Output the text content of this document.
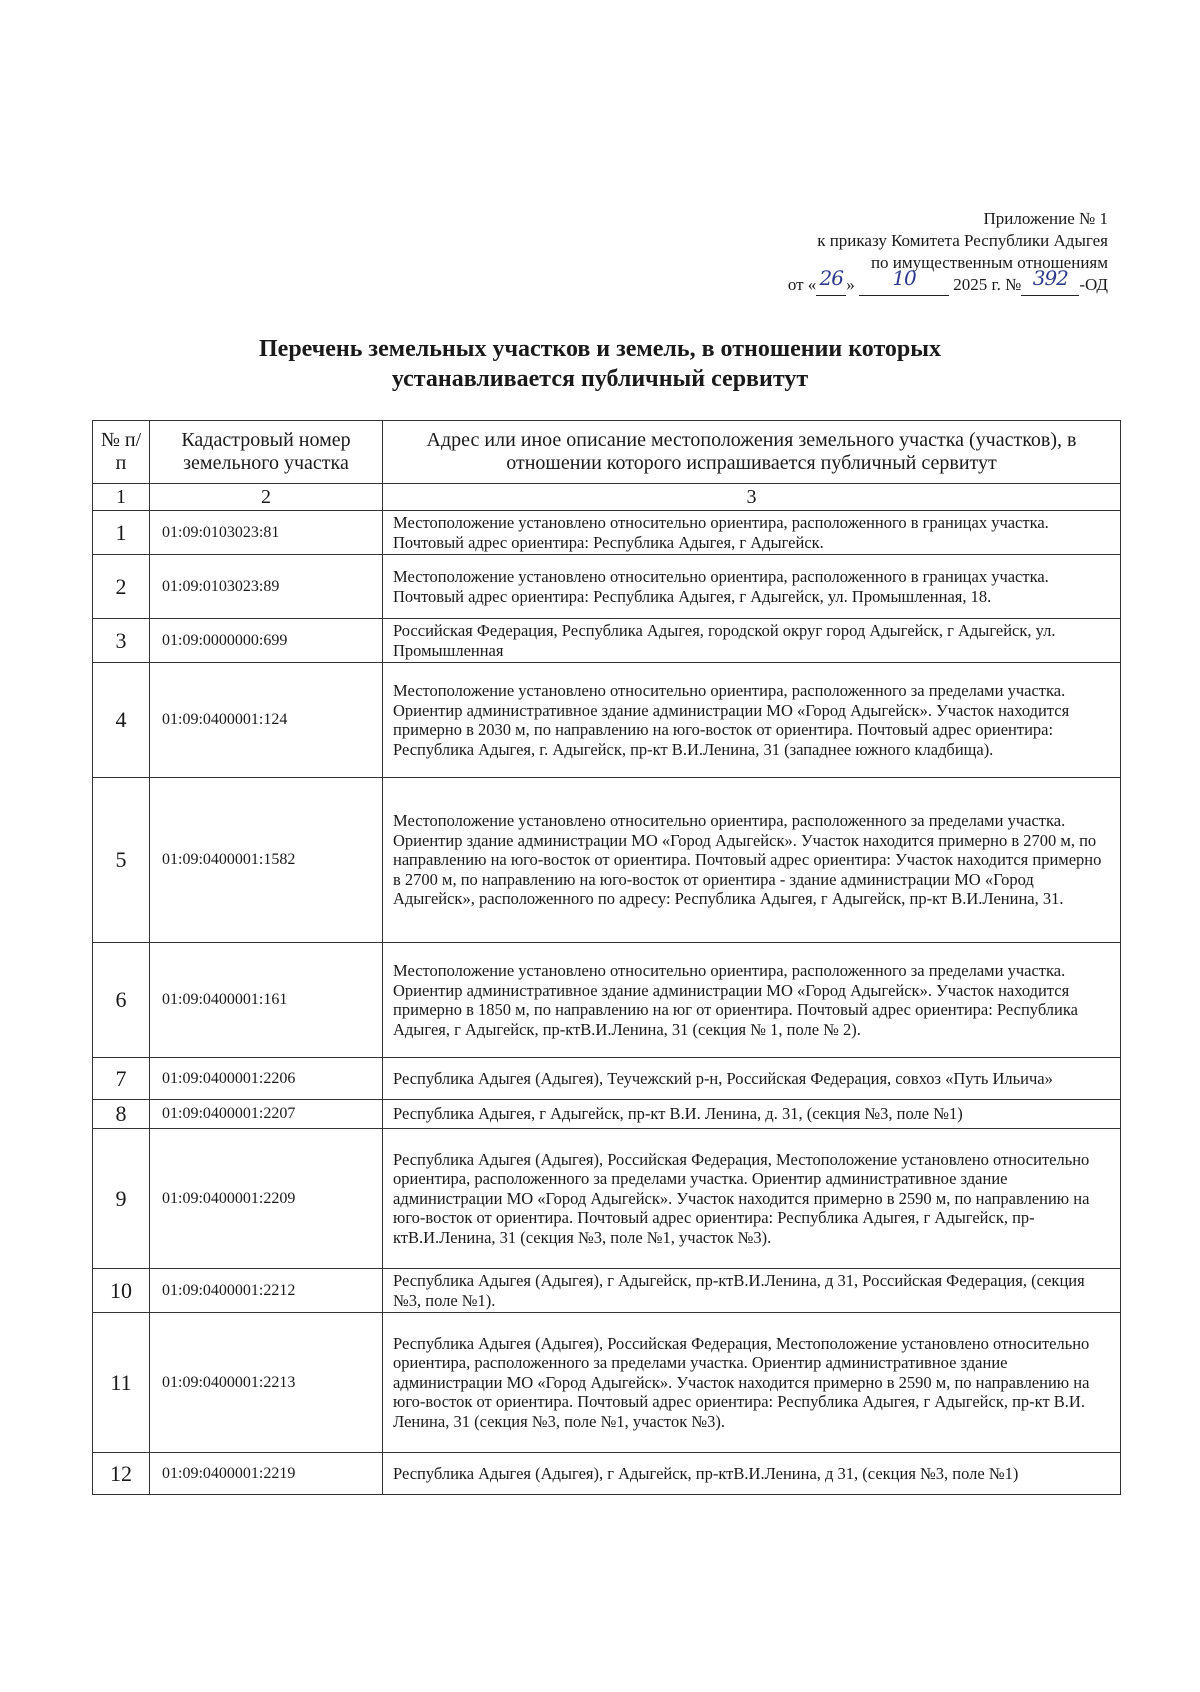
Приложение № 1
к приказу Комитета Республики Адыгея
по имущественным отношениям
от « 26 »	10	2025 г. № 392 -ОД
Перечень земельных участков и земель, в отношении которых
устанавливается публичный сервитут
№ п/п	Кадастровый номер земельного участка	Адрес или иное описание местоположения земельного участка (участков), в отношении которого испрашивается публичный сервитут
1	2	3
1	01:09:0103023:81	Местоположение установлено относительно ориентира, расположенного в границах участка. Почтовый адрес ориентира: Республика Адыгея, г Адыгейск.
2	01:09:0103023:89	Местоположение установлено относительно ориентира, расположенного в границах участка. Почтовый адрес ориентира: Республика Адыгея, г Адыгейск, ул. Промышленная, 18.
3	01:09:0000000:699	Российская Федерация, Республика Адыгея, городской округ город Адыгейск, г Адыгейск, ул. Промышленная
4	01:09:0400001:124	Местоположение установлено относительно ориентира, расположенного за пределами участка. Ориентир административное здание администрации МО «Город Адыгейск». Участок находится примерно в 2030 м, по направлению на юго-восток от ориентира. Почтовый адрес ориентира: Республика Адыгея, г. Адыгейск, пр-кт В.И.Ленина, 31 (западнее южного кладбища).
5	01:09:0400001:1582	Местоположение установлено относительно ориентира, расположенного за пределами участка. Ориентир здание администрации МО «Город Адыгейск». Участок находится примерно в 2700 м, по направлению на юго-восток от ориентира. Почтовый адрес ориентира: Участок находится примерно в 2700 м, по направлению на юго-восток от ориентира - здание администрации МО «Город Адыгейск», расположенного по адресу: Республика Адыгея, г Адыгейск, пр-кт В.И.Ленина, 31.
6	01:09:0400001:161	Местоположение установлено относительно ориентира, расположенного за пределами участка. Ориентир административное здание администрации МО «Город Адыгейск». Участок находится примерно в 1850 м, по направлению на юг от ориентира. Почтовый адрес ориентира: Республика Адыгея, г Адыгейск, пр-ктВ.И.Ленина, 31 (секция № 1, поле № 2).
7	01:09:0400001:2206	Республика Адыгея (Адыгея), Теучежский р-н, Российская Федерация, совхоз «Путь Ильича»
8	01:09:0400001:2207	Республика Адыгея, г Адыгейск, пр-кт В.И. Ленина, д. 31, (секция №3, поле №1)
9	01:09:0400001:2209	Республика Адыгея (Адыгея), Российская Федерация, Местоположение установлено относительно ориентира, расположенного за пределами участка. Ориентир административное здание администрации МО «Город Адыгейск». Участок находится примерно в 2590 м, по направлению на юго-восток от ориентира. Почтовый адрес ориентира: Республика Адыгея, г Адыгейск, пр-ктВ.И.Ленина, 31 (секция №3, поле №1, участок №3).
10	01:09:0400001:2212	Республика Адыгея (Адыгея), г Адыгейск, пр-ктВ.И.Ленина, д 31, Российская Федерация, (секция №3, поле №1).
11	01:09:0400001:2213	Республика Адыгея (Адыгея), Российская Федерация, Местоположение установлено относительно ориентира, расположенного за пределами участка. Ориентир административное здание администрации МО «Город Адыгейск». Участок находится примерно в 2590 м, по направлению на юго-восток от ориентира. Почтовый адрес ориентира: Республика Адыгея, г Адыгейск, пр-кт В.И. Ленина, 31 (секция №3, поле №1, участок №3).
12	01:09:0400001:2219	Республика Адыгея (Адыгея), г Адыгейск, пр-ктВ.И.Ленина, д 31, (секция №3, поле №1)
